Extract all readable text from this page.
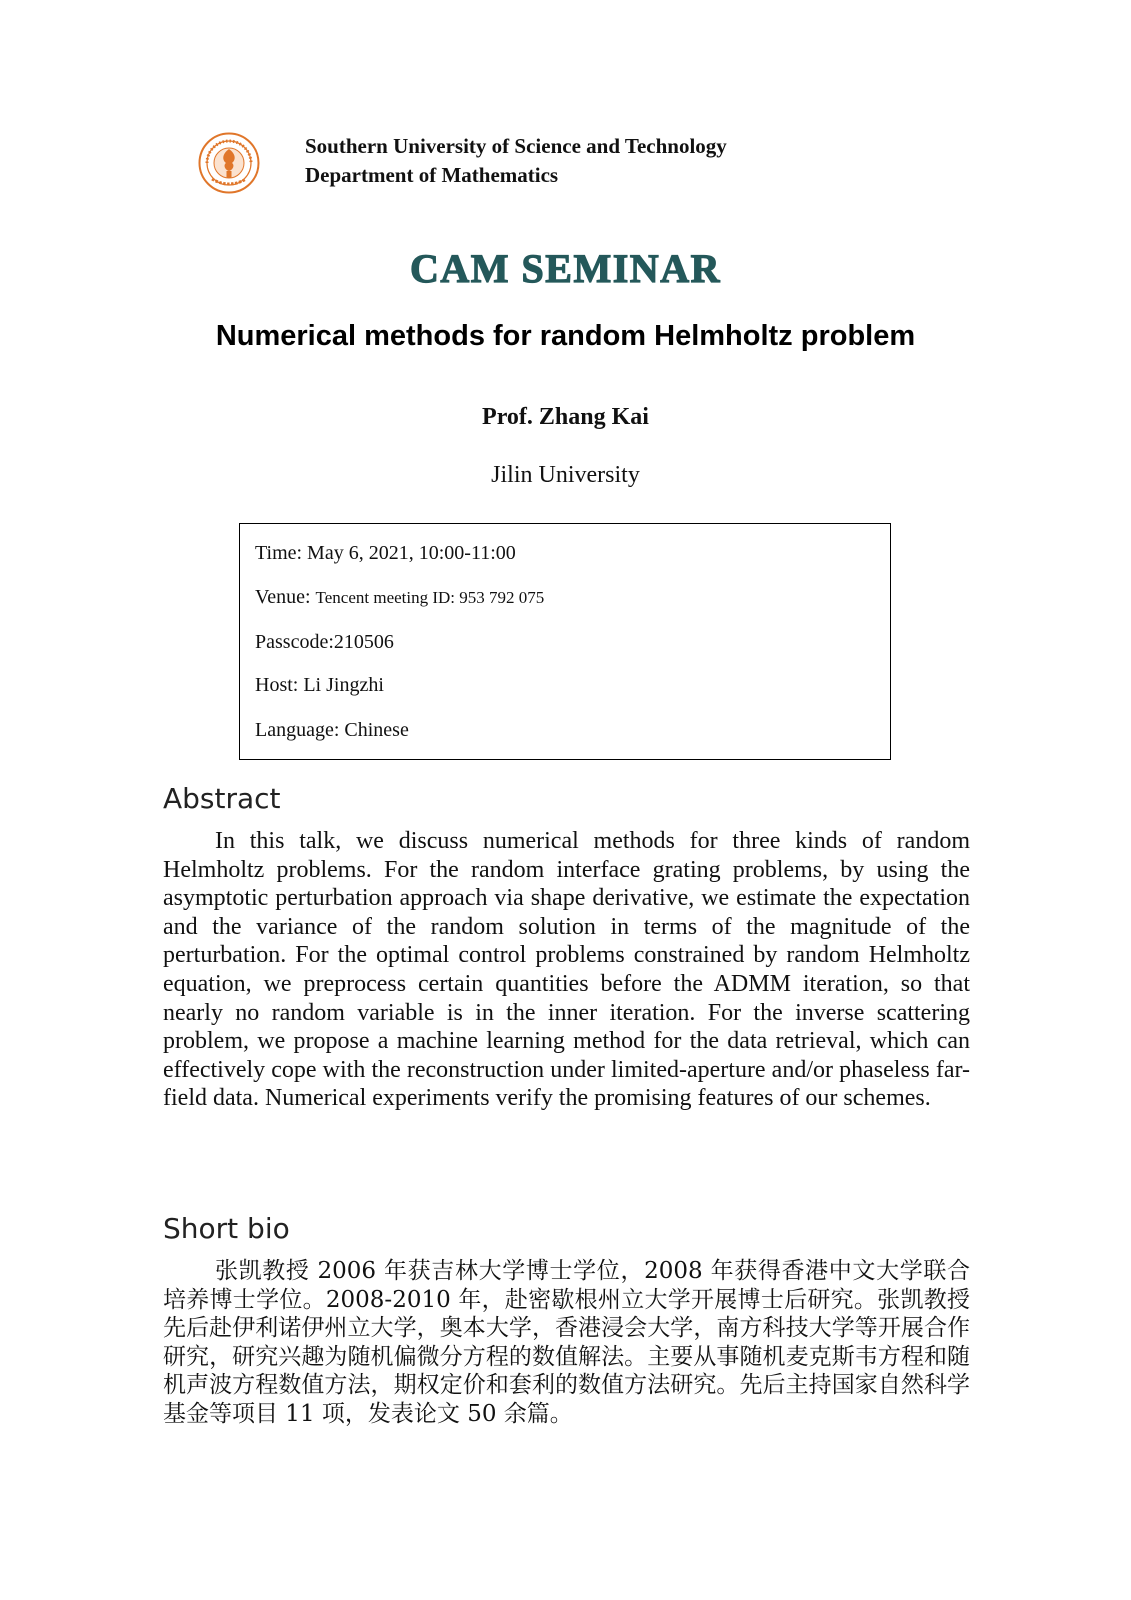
Southern University of Science and Technology
Department of Mathematics
CAM SEMINAR
Numerical methods for random Helmholtz problem
Prof. Zhang Kai
Jilin University
Time: May 6, 2021, 10:00-11:00
Venue: Tencent meeting ID: 953 792 075
Passcode:210506
Host: Li Jingzhi
Language: Chinese
Abstract

In this talk, we discuss numerical methods for three kinds of random Helmholtz problems. For the random interface grating problems, by using the asymptotic perturbation approach via shape derivative, we estimate the expectation and the variance of the random solution in terms of the magnitude of the perturbation. For the optimal control problems constrained by random Helmholtz equation, we preprocess certain quantities before the ADMM iteration, so that nearly no random variable is in the inner iteration. For the inverse scattering problem, we propose a machine learning method for the data retrieval, which can effectively cope with the reconstruction under limited-aperture and/or phaseless far-field data. Numerical experiments verify the promising features of our schemes.

Short bio

张凯教授 2006 年获吉林大学博士学位，2008 年获得香港中文大学联合培养博士学位。2008-2010 年，赴密歇根州立大学开展博士后研究。张凯教授先后赴伊利诺伊州立大学，奥本大学，香港浸会大学，南方科技大学等开展合作研究，研究兴趣为随机偏微分方程的数值解法。主要从事随机麦克斯韦方程和随机声波方程数值方法，期权定价和套利的数值方法研究。先后主持国家自然科学基金等项目 11 项，发表论文 50 余篇。
